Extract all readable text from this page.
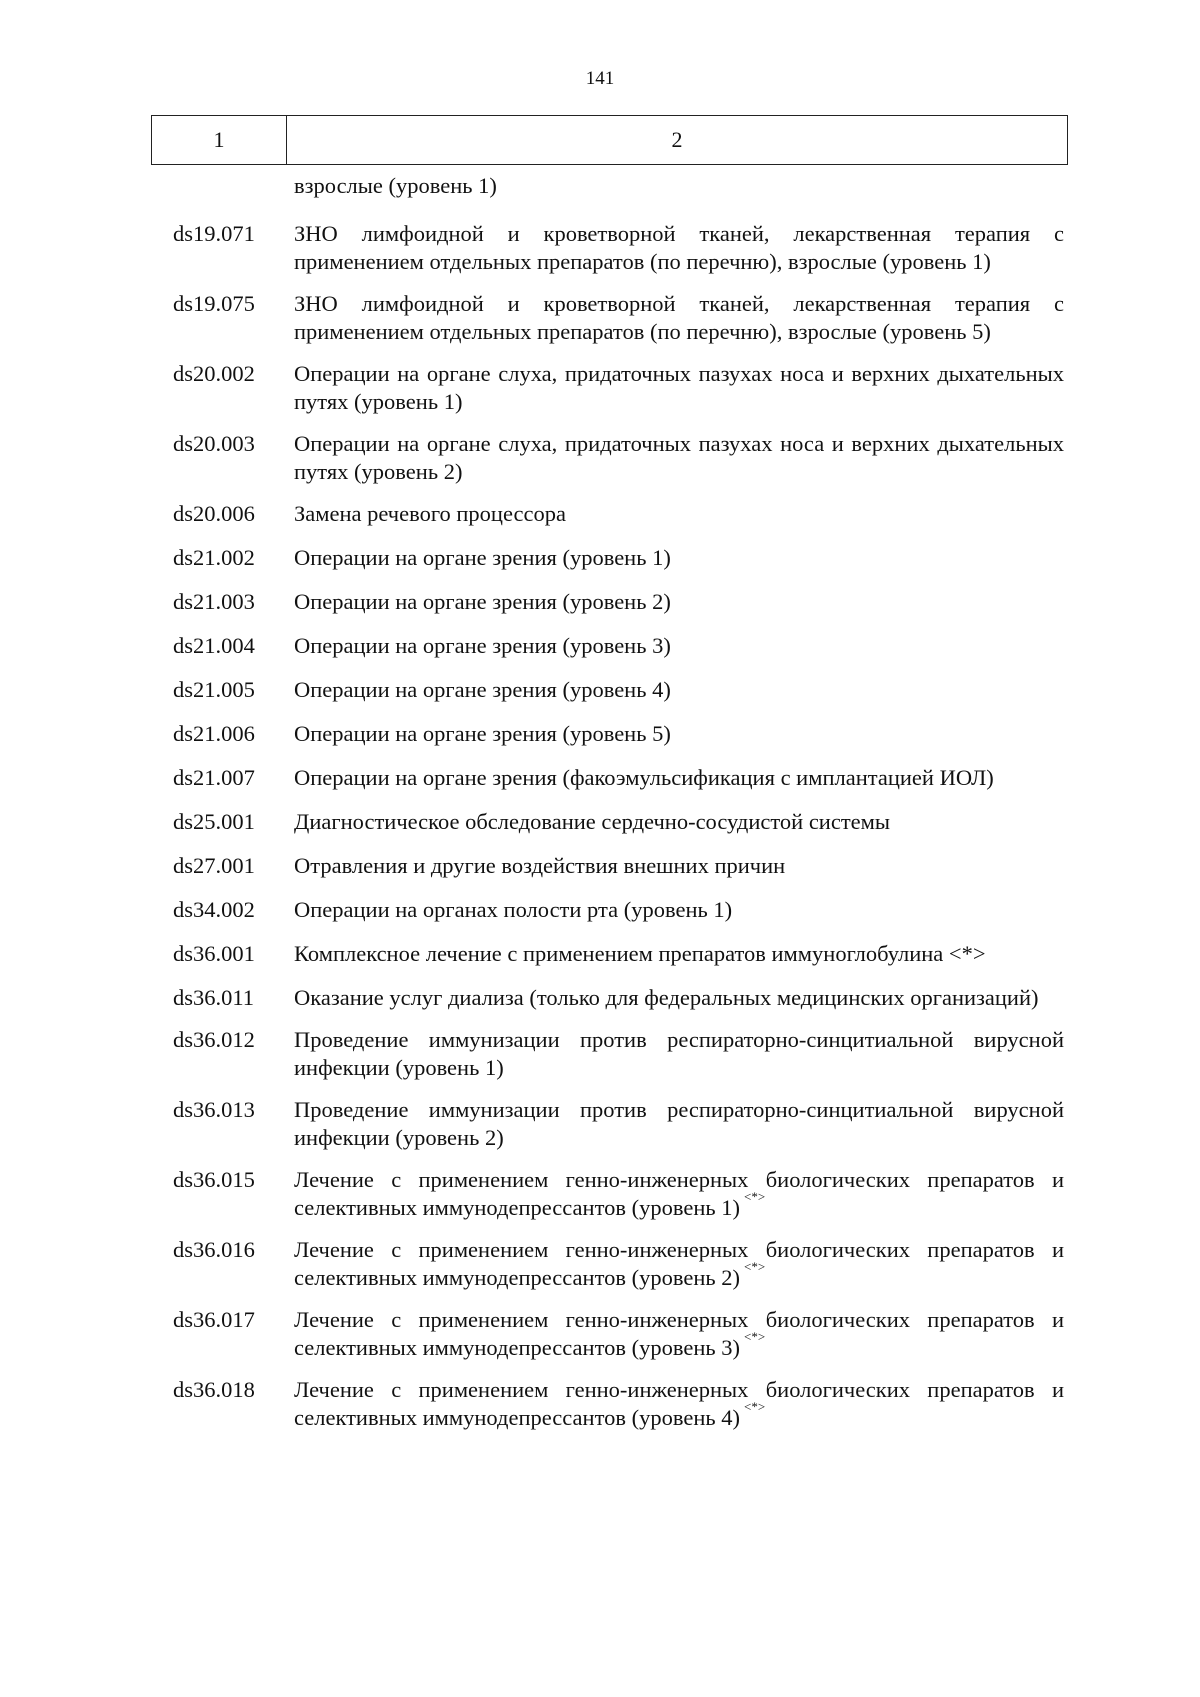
141
1	2
взрослые (уровень 1)
ds19.071	ЗНО лимфоидной и кроветворной тканей, лекарственная терапия с применением отдельных препаратов (по перечню), взрослые (уровень 1)
ds19.075	ЗНО лимфоидной и кроветворной тканей, лекарственная терапия с применением отдельных препаратов (по перечню), взрослые (уровень 5)
ds20.002	Операции на органе слуха, придаточных пазухах носа и верхних дыхательных путях (уровень 1)
ds20.003	Операции на органе слуха, придаточных пазухах носа и верхних дыхательных путях (уровень 2)
ds20.006	Замена речевого процессора
ds21.002	Операции на органе зрения (уровень 1)
ds21.003	Операции на органе зрения (уровень 2)
ds21.004	Операции на органе зрения (уровень 3)
ds21.005	Операции на органе зрения (уровень 4)
ds21.006	Операции на органе зрения (уровень 5)
ds21.007	Операции на органе зрения (факоэмульсификация с имплантацией ИОЛ)
ds25.001	Диагностическое обследование сердечно-сосудистой системы
ds27.001	Отравления и другие воздействия внешних причин
ds34.002	Операции на органах полости рта (уровень 1)
ds36.001	Комплексное лечение с применением препаратов иммуноглобулина <*>
ds36.011	Оказание услуг диализа (только для федеральных медицинских организаций)
ds36.012	Проведение иммунизации против респираторно-синцитиальной вирусной инфекции (уровень 1)
ds36.013	Проведение иммунизации против респираторно-синцитиальной вирусной инфекции (уровень 2)
ds36.015	Лечение с применением генно-инженерных биологических препаратов и селективных иммунодепрессантов (уровень 1) <*>
ds36.016	Лечение с применением генно-инженерных биологических препаратов и селективных иммунодепрессантов (уровень 2) <*>
ds36.017	Лечение с применением генно-инженерных биологических препаратов и селективных иммунодепрессантов (уровень 3) <*>
ds36.018	Лечение с применением генно-инженерных биологических препаратов и селективных иммунодепрессантов (уровень 4) <*>
